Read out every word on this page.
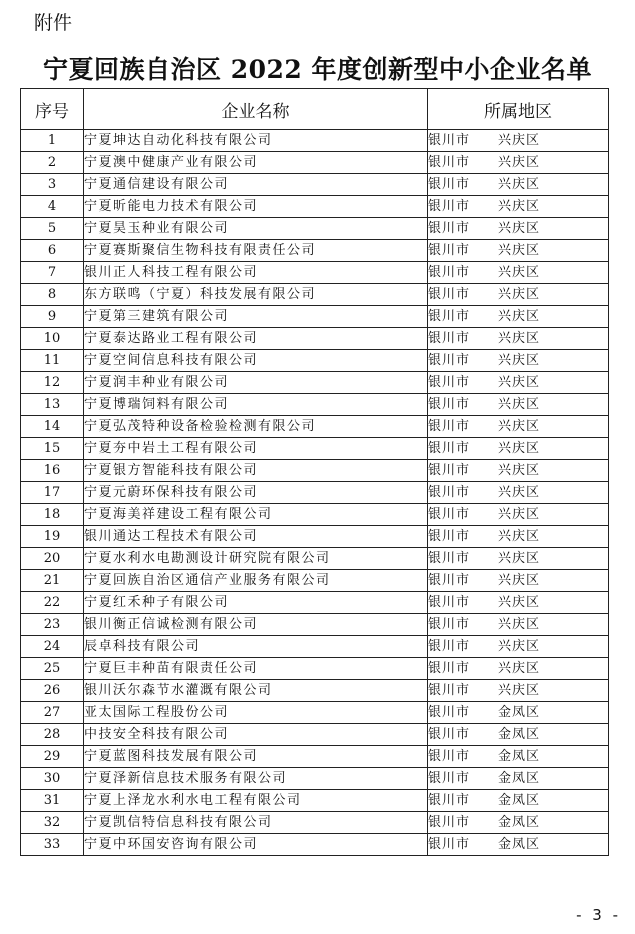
附件
宁夏回族自治区 2022 年度创新型中小企业名单
序号	企业名称	所属地区
1	宁夏坤达自动化科技有限公司	银川市 兴庆区
2	宁夏澳中健康产业有限公司	银川市 兴庆区
3	宁夏通信建设有限公司	银川市 兴庆区
4	宁夏昕能电力技术有限公司	银川市 兴庆区
5	宁夏昊玉种业有限公司	银川市 兴庆区
6	宁夏赛斯聚信生物科技有限责任公司	银川市 兴庆区
7	银川正人科技工程有限公司	银川市 兴庆区
8	东方联鸣（宁夏）科技发展有限公司	银川市 兴庆区
9	宁夏第三建筑有限公司	银川市 兴庆区
10	宁夏泰达路业工程有限公司	银川市 兴庆区
11	宁夏空间信息科技有限公司	银川市 兴庆区
12	宁夏润丰种业有限公司	银川市 兴庆区
13	宁夏博瑞饲料有限公司	银川市 兴庆区
14	宁夏弘茂特种设备检验检测有限公司	银川市 兴庆区
15	宁夏夯中岩土工程有限公司	银川市 兴庆区
16	宁夏银方智能科技有限公司	银川市 兴庆区
17	宁夏元蔚环保科技有限公司	银川市 兴庆区
18	宁夏海美祥建设工程有限公司	银川市 兴庆区
19	银川通达工程技术有限公司	银川市 兴庆区
20	宁夏水利水电勘测设计研究院有限公司	银川市 兴庆区
21	宁夏回族自治区通信产业服务有限公司	银川市 兴庆区
22	宁夏红禾种子有限公司	银川市 兴庆区
23	银川衡正信诚检测有限公司	银川市 兴庆区
24	辰卓科技有限公司	银川市 兴庆区
25	宁夏巨丰种苗有限责任公司	银川市 兴庆区
26	银川沃尔森节水灌溉有限公司	银川市 兴庆区
27	亚太国际工程股份公司	银川市 金凤区
28	中技安全科技有限公司	银川市 金凤区
29	宁夏蓝图科技发展有限公司	银川市 金凤区
30	宁夏泽新信息技术服务有限公司	银川市 金凤区
31	宁夏上泽龙水利水电工程有限公司	银川市 金凤区
32	宁夏凯信特信息科技有限公司	银川市 金凤区
33	宁夏中环国安咨询有限公司	银川市 金凤区
- 3 -
